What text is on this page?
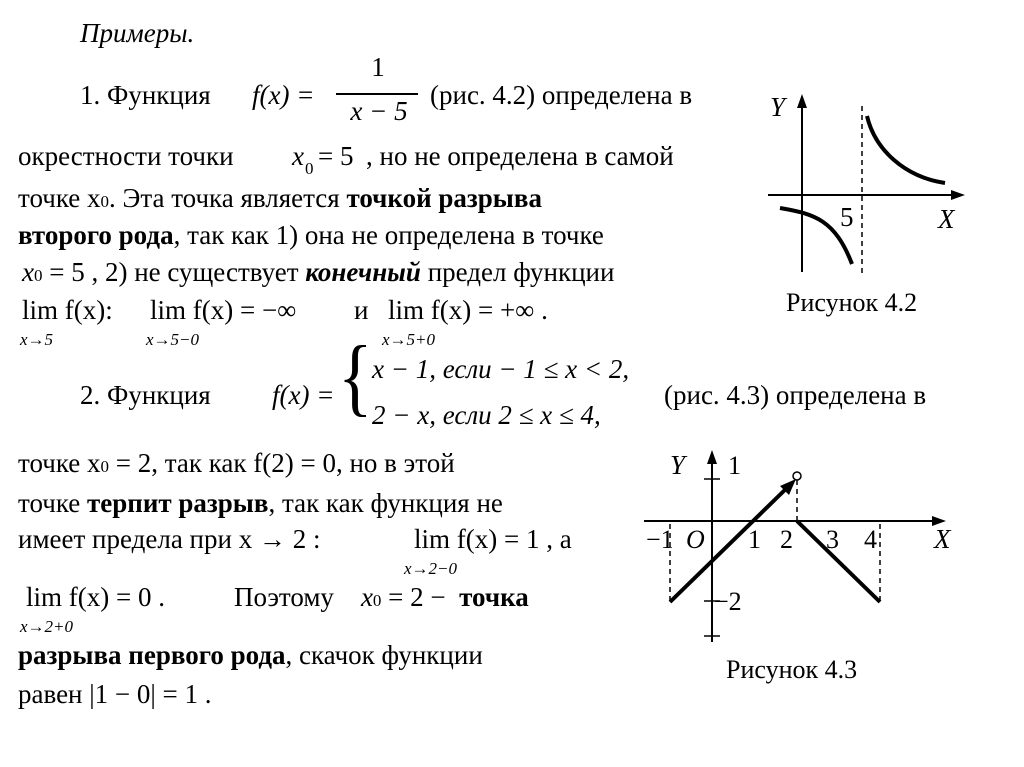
Примеры.
1. Функция f(x) =
1
x − 5
(рис. 4.2) определена в
окрестности точки x 0 = 5 , но не определена в самой
точке x0. Эта точка является точкой разрыва
второго рода, так как 1) она не определена в точке
x0 = 5 , 2) не существует конечный предел функции
lim f(x):
x→5
lim f(x) = −∞
x→5−0
и lim f(x) = +∞ .
x→5+0
Y
X
5
Рисунок 4.2
2. Функция f(x) = { x − 1, если − 1 ≤ x < 2,
2 − x, если 2 ≤ x ≤ 4,
(рис. 4.3) определена в
точке x0 = 2, так как f(2) = 0, но в этой
точке терпит разрыв, так как функция не
имеет предела при x → 2 :	lim f(x) = 1 , а
x→2−0
lim f(x) = 0 .
x→2+0
Поэтому x0 = 2 − точка
разрыва первого рода, скачок функции
равен |1 − 0| = 1 .
Y 1
−2
−1 O 1 2 3 4 X
Рисунок 4.3
